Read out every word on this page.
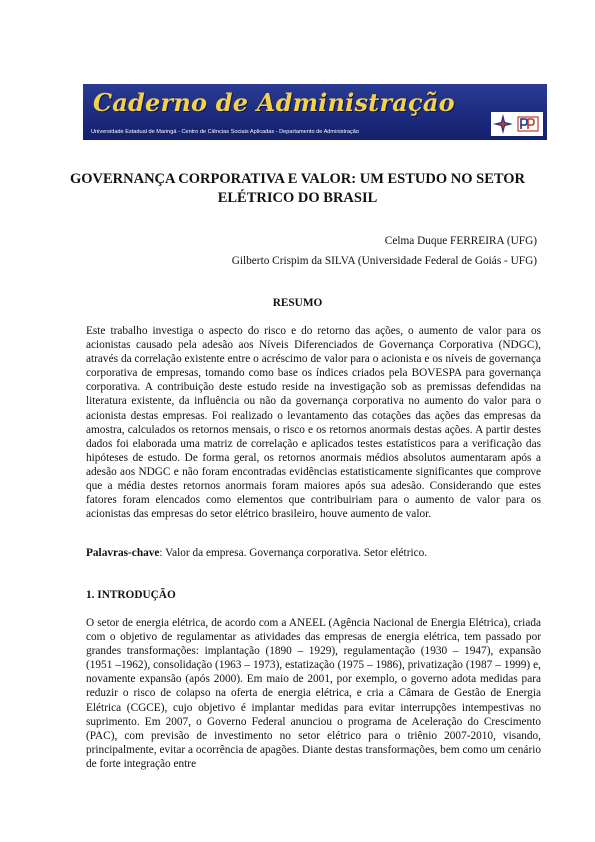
Caderno de Administração
Universidade Estadual de Maringá - Centro de Ciências Sociais Aplicadas - Departamento de Administração
GOVERNANÇA CORPORATIVA E VALOR: UM ESTUDO NO SETOR ELÉTRICO DO BRASIL
Celma Duque FERREIRA (UFG)
Gilberto Crispim da SILVA (Universidade Federal de Goiás - UFG)
RESUMO

Este trabalho investiga o aspecto do risco e do retorno das ações, o aumento de valor para os acionistas causado pela adesão aos Níveis Diferenciados de Governança Corporativa (NDGC), através da correlação existente entre o acréscimo de valor para o acionista e os níveis de governança corporativa de empresas, tomando como base os índices criados pela BOVESPA para governança corporativa. A contribuição deste estudo reside na investigação sob as premissas defendidas na literatura existente, da influência ou não da governança corporativa no aumento do valor para o acionista destas empresas. Foi realizado o levantamento das cotações das ações das empresas da amostra, calculados os retornos mensais, o risco e os retornos anormais destas ações. A partir destes dados foi elaborada uma matriz de correlação e aplicados testes estatísticos para a verificação das hipóteses de estudo. De forma geral, os retornos anormais médios absolutos aumentaram após a adesão aos NDGC e não foram encontradas evidências estatisticamente significantes que comprove que a média destes retornos anormais foram maiores após sua adesão. Considerando que estes fatores foram elencados como elementos que contribuiriam para o aumento de valor para os acionistas das empresas do setor elétrico brasileiro, houve aumento de valor.

Palavras-chave: Valor da empresa. Governança corporativa. Setor elétrico.

1. INTRODUÇÃO

O setor de energia elétrica, de acordo com a ANEEL (Agência Nacional de Energia Elétrica), criada com o objetivo de regulamentar as atividades das empresas de energia elétrica, tem passado por grandes transformações: implantação (1890 – 1929), regulamentação (1930 – 1947), expansão (1951 –1962), consolidação (1963 – 1973), estatização (1975 – 1986), privatização (1987 – 1999) e, novamente expansão (após 2000). Em maio de 2001, por exemplo, o governo adota medidas para reduzir o risco de colapso na oferta de energia elétrica, e cria a Câmara de Gestão de Energia Elétrica (CGCE), cujo objetivo é implantar medidas para evitar interrupções intempestivas no suprimento. Em 2007, o Governo Federal anunciou o programa de Aceleração do Crescimento (PAC), com previsão de investimento no setor elétrico para o triênio 2007-2010, visando, principalmente, evitar a ocorrência de apagões. Diante destas transformações, bem como um cenário de forte integração entre
